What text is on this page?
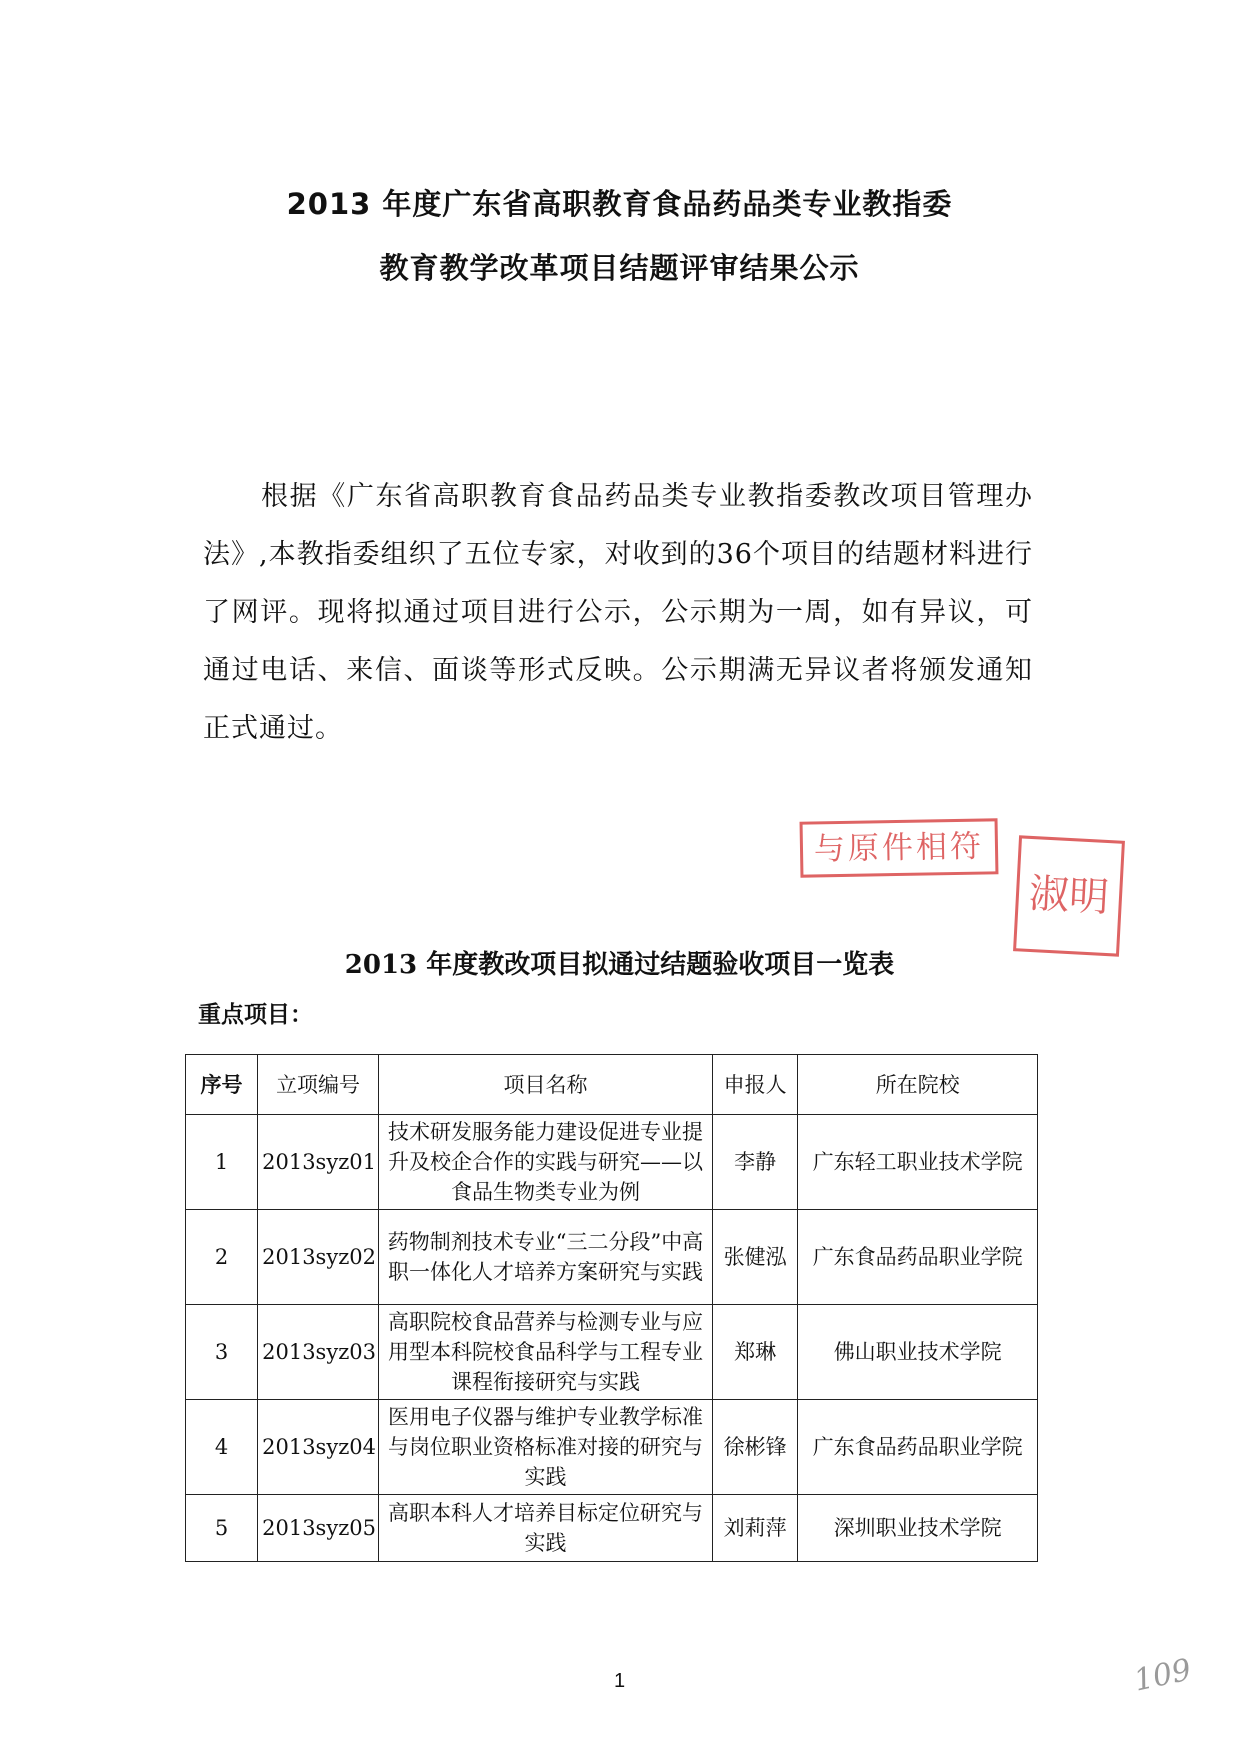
2013 年度广东省高职教育食品药品类专业教指委
教育教学改革项目结题评审结果公示
根据《广东省高职教育食品药品类专业教指委教改项目管理办法》,本教指委组织了五位专家，对收到的36个项目的结题材料进行了网评。现将拟通过项目进行公示，公示期为一周，如有异议，可通过电话、来信、面谈等形式反映。公示期满无异议者将颁发通知正式通过。
与原件相符
淑明
2013 年度教改项目拟通过结题验收项目一览表
重点项目：
序号	立项编号	项目名称	申报人	所在院校
1	2013syz01	技术研发服务能力建设促进专业提升及校企合作的实践与研究——以食品生物类专业为例	李静	广东轻工职业技术学院
2	2013syz02	药物制剂技术专业“三二分段”中高职一体化人才培养方案研究与实践	张健泓	广东食品药品职业学院
3	2013syz03	高职院校食品营养与检测专业与应用型本科院校食品科学与工程专业课程衔接研究与实践	郑琳	佛山职业技术学院
4	2013syz04	医用电子仪器与维护专业教学标准与岗位职业资格标准对接的研究与实践	徐彬锋	广东食品药品职业学院
5	2013syz05	高职本科人才培养目标定位研究与实践	刘莉萍	深圳职业技术学院
1	109
